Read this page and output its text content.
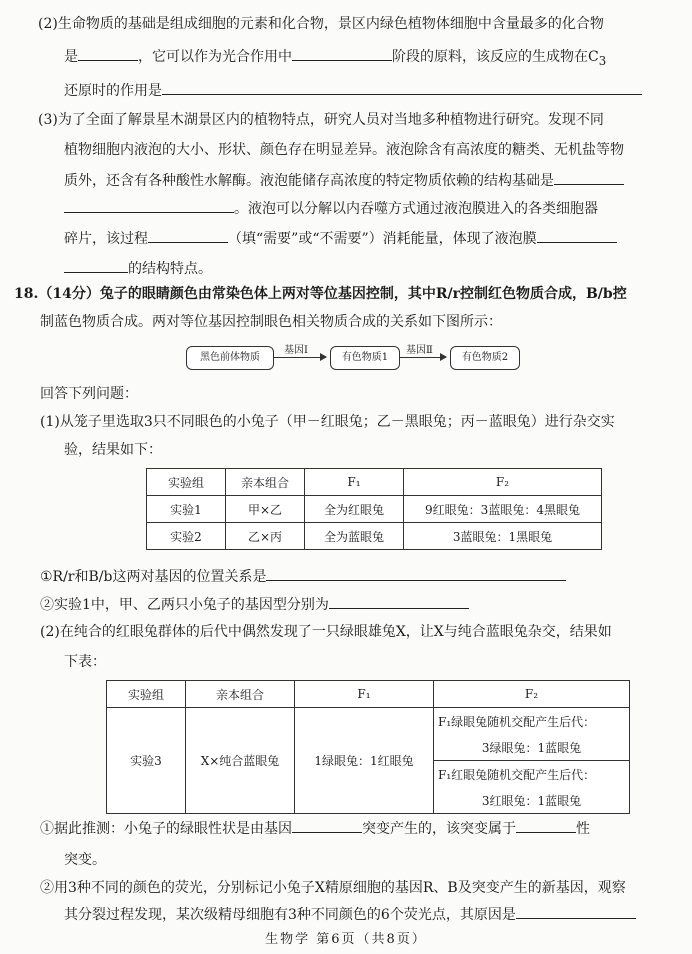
(2)生命物质的基础是组成细胞的元素和化合物，景区内绿色植物体细胞中含量最多的化合物
是	，它可以作为光合作用中	阶段的原料，该反应的生成物在$C_3$
还原时的作用是
(3)为了全面了解景星木湖景区内的植物特点，研究人员对当地多种植物进行研究。发现不同
植物细胞内液泡的大小、形状、颜色存在明显差异。液泡除含有高浓度的糖类、无机盐等物
质外，还含有各种酸性水解酶。液泡能储存高浓度的特定物质依赖的结构基础是
。液泡可以分解以内吞噬方式通过液泡膜进入的各类细胞器
碎片，该过程	（填“需要”或“不需要”）消耗能量，体现了液泡膜
的结构特点。
18.（14分）兔子的眼睛颜色由常染色体上两对等位基因控制，其中R/r控制红色物质合成，B/b控
制蓝色物质合成。两对等位基因控制眼色相关物质合成的关系如下图所示：
黑色前体物质
基因Ⅰ
有色物质1
基因Ⅱ
有色物质2
回答下列问题：
(1)从笼子里选取3只不同眼色的小兔子（甲－红眼兔；乙－黑眼兔；丙－蓝眼兔）进行杂交实
验，结果如下：
实验组	亲本组合	F₁	F₂
实验1	甲×乙	全为红眼兔	9红眼兔：3蓝眼兔：4黑眼兔
实验2	乙×丙	全为蓝眼兔	3蓝眼兔：1黑眼兔
①R/r和B/b这两对基因的位置关系是
②实验1中，甲、乙两只小兔子的基因型分别为
(2)在纯合的红眼兔群体的后代中偶然发现了一只绿眼雄兔X，让X与纯合蓝眼兔杂交，结果如
下表：
实验组	亲本组合	F₁	F₂
实验3	X×纯合蓝眼兔	1绿眼兔：1红眼兔	F₁绿眼兔随机交配产生后代：
			3绿眼兔：1蓝眼兔
			F₁红眼兔随机交配产生后代：
			3红眼兔：1蓝眼兔
①据此推测：小兔子的绿眼性状是由基因	突变产生的，该突变属于	性
突变。
②用3种不同的颜色的荧光，分别标记小兔子X精原细胞的基因R、B及突变产生的新基因，观察
其分裂过程发现，某次级精母细胞有3种不同颜色的6个荧光点，其原因是
生物学 第6页（共8页）
